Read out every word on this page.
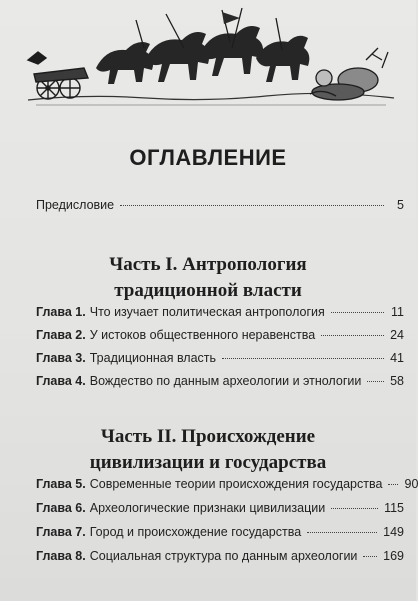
ОГЛАВЛЕНИЕ
Предисловие	5
Часть I. Антропология
традиционной власти
Глава 1. Что изучает политическая антропология	11
Глава 2. У истоков общественного неравенства	24
Глава 3. Традиционная власть	41
Глава 4. Вождество по данным археологии и этнологии 58
Часть II. Происхождение
цивилизации и государства
Глава 5. Современные теории происхождения государства 90
Глава 6. Археологические признаки цивилизации	115
Глава 7. Город и происхождение государства	149
Глава 8. Социальная структура по данным археологии 169
